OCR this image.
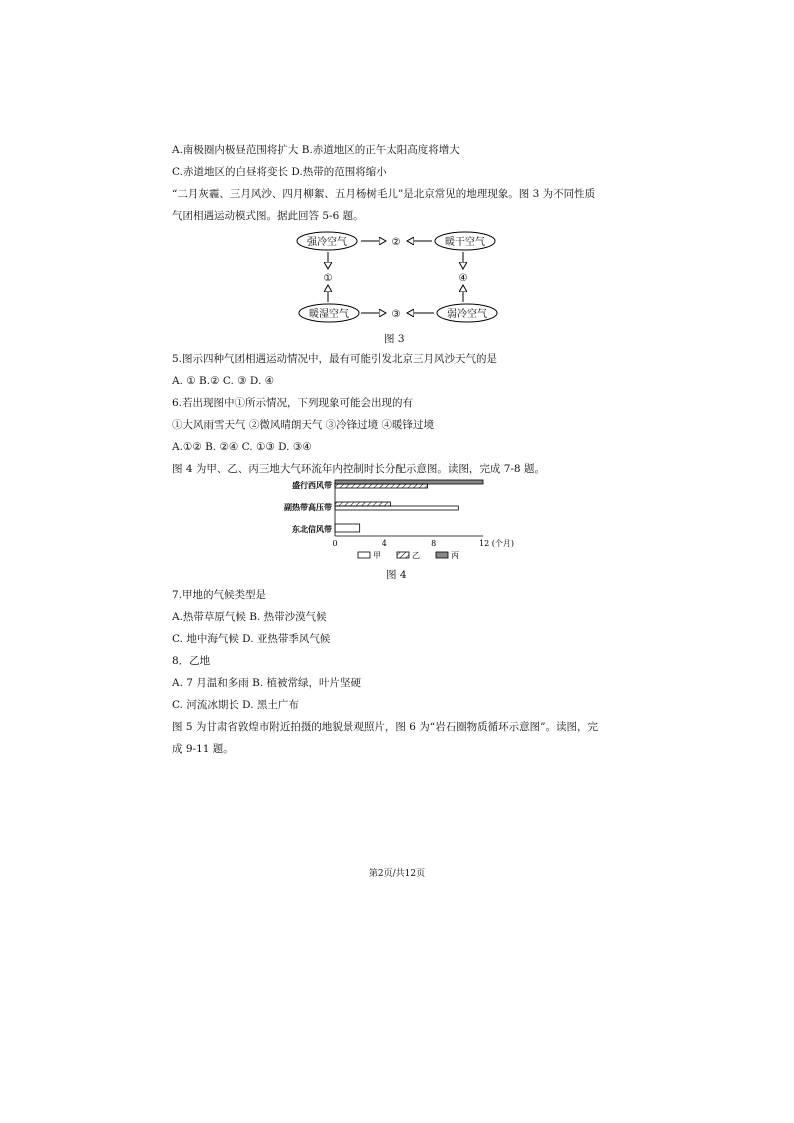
A.南极圈内极昼范围将扩大 B.赤道地区的正午太阳高度将增大
C.赤道地区的白昼将变长 D.热带的范围将缩小
“二月灰霾、三月风沙、四月柳絮、五月杨树毛儿”是北京常见的地理现象。图 3 为不同性质
气团相遇运动模式图。据此回答 5-6 题。
强冷空气	暖干空气
暖湿空气	弱冷空气
②
③
①	④
图 3
5.图示四种气团相遇运动情况中，最有可能引发北京三月风沙天气的是
A. ① B.② C. ③ D. ④
6.若出现图中①所示情况，下列现象可能会出现的有
①大风雨雪天气 ②微风晴朗天气 ③冷锋过境 ④暖锋过境
A.①② B. ②④ C. ①③ D. ③④
图 4 为甲、乙、丙三地大气环流年内控制时长分配示意图。读图，完成 7-8 题。
盛行西风带
副热带高压带
东北信风带
0	4	8	12 (个月)
甲	乙	丙
图 4
7.甲地的气候类型是
A.热带草原气候 B. 热带沙漠气候
C. 地中海气候 D. 亚热带季风气候
8．乙地
A. 7 月温和多雨 B. 植被常绿，叶片坚硬
C. 河流冰期长 D. 黑土广布
图 5 为甘肃省敦煌市附近拍摄的地貌景观照片，图 6 为“岩石圈物质循环示意图”。读图，完
成 9-11 题。
第2页/共12页
